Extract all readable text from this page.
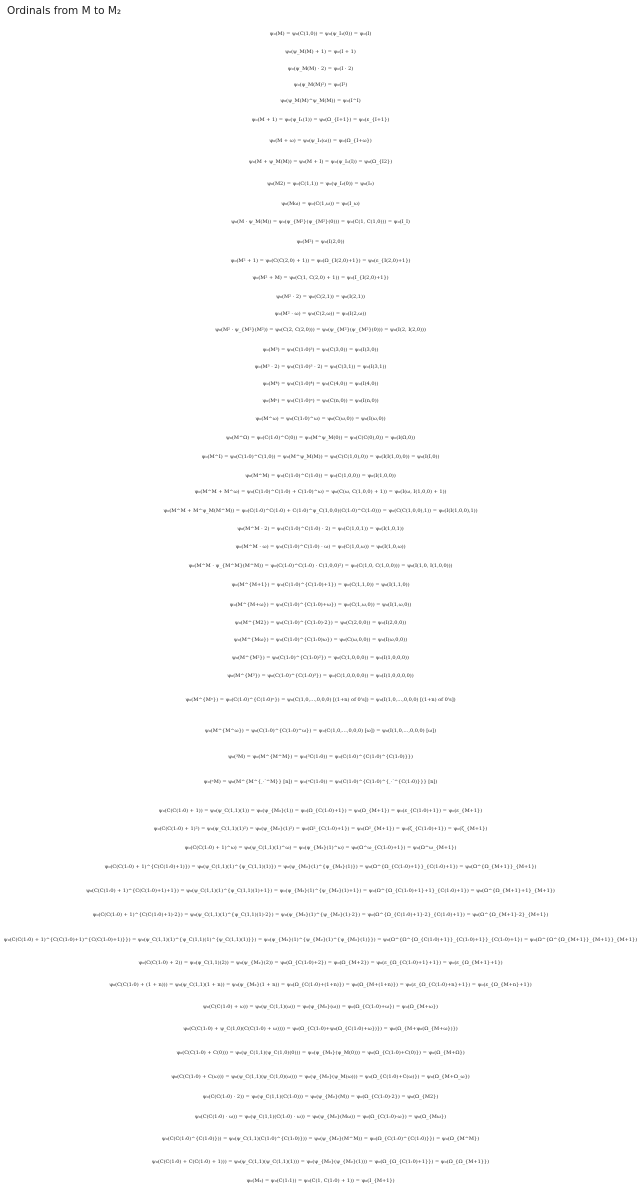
Ordinals from M to M₂
ψ₀(M) = ψ₀(C(1,0)) = ψ₀(ψ_I₁(0)) = ψ₀(I)
ψ₀(ψ_M(M) + 1) = ψ₀(I + 1)
ψ₀(ψ_M(M) · 2) = ψ₀(I · 2)
ψ₀(ψ_M(M)²) = ψ₀(I²)
ψ₀(ψ_M(M)^ψ_M(M)) = ψ₀(I^I)
ψ₀(M + 1) = ψ₀(ψ_I₁(1)) = ψ₀(Ω_{I+1}) = ψ₀(ε_{I+1})
ψ₀(M + ω) = ψ₀(ψ_I₁(ω)) = ψ₀(Ω_{I+ω})
ψ₀(M + ψ_M(M)) = ψ₀(M + I) = ψ₀(ψ_I₁(I)) = ψ₀(Ω_{I2})
ψ₀(M2) = ψ₀(C(1,1)) = ψ₀(ψ_I₂(0)) = ψ₀(I₂)
ψ₀(Mω) = ψ₀(C(1,ω)) = ψ₀(I_ω)
ψ₀(M · ψ_M(M)) = ψ₀(ψ_{M²}(ψ_{M²}(0))) = ψ₀(C(1, C(1,0))) = ψ₀(I_I)
ψ₀(M²) = ψ₀(I(2,0))
ψ₀(M² + 1) = ψ₀(C(C(2,0) + 1)) = ψ₀(Ω_{I(2,0)+1}) = ψ₀(ε_{I(2,0)+1})
ψ₀(M² + M) = ψ₀(C(1, C(2,0) + 1)) = ψ₀(I_{I(2,0)+1})
ψ₀(M² · 2) = ψ₀(C(2,1)) = ψ₀(I(2,1))
ψ₀(M² · ω) = ψ₀(C(2,ω)) = ψ₀(I(2,ω))
ψ₀(M² · ψ_{M²}(M²)) = ψ₀(C(2, C(2,0))) = ψ₀(ψ_{M²}(ψ_{M²}(0))) = ψ₀(I(2, I(2,0)))
ψ₀(M³) = ψ₀(C(1:0)³) = ψ₀(C(3,0)) = ψ₀(I(3,0))
ψ₀(M³ · 2) = ψ₀(C(1:0)³ · 2) = ψ₀(C(3,1)) = ψ₀(I(3,1))
ψ₀(M⁴) = ψ₀(C(1:0)⁴) = ψ₀(C(4,0)) = ψ₀(I(4,0))
ψ₀(Mⁿ) = ψ₀(C(1:0)ⁿ) = ψ₀(C(n,0)) = ψ₀(I(n,0))
ψ₀(M^ω) = ψ₀(C(1:0)^ω) = ψ₀(C(ω,0)) = ψ₀(I(ω,0))
ψ₀(M^Ω) = ψ₀(C(1:0)^C(0)) = ψ₀(M^ψ_M(0)) = ψ₀(C(C(0),0)) = ψ₀(I(Ω,0))
ψ₀(M^I) = ψ₀(C(1:0)^C(1,0)) = ψ₀(M^ψ_M(M)) = ψ₀(C(C(1,0),0)) = ψ₀(I(I(1,0),0)) = ψ₀(I(I,0))
ψ₀(M^M) = ψ₀(C(1:0)^C(1:0)) = ψ₀(C(1,0,0)) = ψ₀(I(1,0,0))
ψ₀(M^M + M^ω) = ψ₀(C(1:0)^C(1:0) + C(1:0)^ω) = ψ₀(C(ω, C(1,0,0) + 1)) = ψ₀(I(ω, I(1,0,0) + 1))
ψ₀(M^M + M^ψ_M(M^M)) = ψ₀(C(1:0)^C(1:0) + C(1:0)^ψ_C(1,0,0)(C(1:0)^C(1:0))) = ψ₀(C(C(1,0,0),1)) = ψ₀(I(I(1,0,0),1))
ψ₀(M^M · 2) = ψ₀(C(1:0)^C(1:0) · 2) = ψ₀(C(1,0,1)) = ψ₀(I(1,0,1))
ψ₀(M^M · ω) = ψ₀(C(1:0)^C(1:0) · ω) = ψ₀(C(1,0,ω)) = ψ₀(I(1,0,ω))
ψ₀(M^M · ψ_{M^M}(M^M)) = ψ₀(C(1:0)^C(1:0) · C(1,0,0)²) = ψ₀(C(1,0, C(1,0,0))) = ψ₀(I(1,0, I(1,0,0)))
ψ₀(M^{M+1}) = ψ₀(C(1:0)^{C(1:0)+1}) = ψ₀(C(1,1,0)) = ψ₀(I(1,1,0))
ψ₀(M^{M+ω}) = ψ₀(C(1:0)^{C(1:0)+ω}) = ψ₀(C(1,ω,0)) = ψ₀(I(1,ω,0))
ψ₀(M^{M2}) = ψ₀(C(1:0)^{C(1:0)·2}) = ψ₀(C(2,0,0)) = ψ₀(I(2,0,0))
ψ₀(M^{Mω}) = ψ₀(C(1:0)^{C(1:0)ω}) = ψ₀(C(ω,0,0)) = ψ₀(I(ω,0,0))
ψ₀(M^{M²}) = ψ₀(C(1:0)^{C(1:0)²}) = ψ₀(C(1,0,0,0)) = ψ₀(I(1,0,0,0))
ψ₀(M^{M³}) = ψ₀(C(1:0)^{C(1:0)³}) = ψ₀(C(1,0,0,0,0)) = ψ₀(I(1,0,0,0,0))
ψ₀(M^{Mⁿ}) = ψ₀(C(1:0)^{C(1:0)ⁿ}) = ψ₀(C(1,0,…,0,0,0) [(1+n) of 0's]) = ψ₀(I(1,0,…,0,0,0) [(1+n) of 0's])
ψ₀(M^{M^ω}) = ψ₀(C(1:0)^{C(1:0)^ω}) = ψ₀(C(1,0,…,0,0,0) [ω]) = ψ₀(I(1,0,…,0,0,0) [ω])
ψ₀(³M) = ψ₀(M^{M^M}) = ψ₀(³C(1:0)) = ψ₀(C(1:0)^{C(1:0)^{C(1:0)}})
ψ₀(ⁿM) = ψ₀(M^{M^{⋰^M}} [n]) = ψ₀(ⁿC(1:0)) = ψ₀(C(1:0)^{C(1:0)^{⋰^{C(1:0)}}} [n])
ψ₀(C(C(1:0) + 1)) = ψ₀(ψ_C(1,1)(1)) = ψ₀(ψ_{M₂}(1)) = ψ₀(Ω_{C(1:0)+1}) = ψ₀(Ω_{M+1}) = ψ₀(ε_{C(1:0)+1}) = ψ₀(ε_{M+1})
ψ₀(C(C(1:0) + 1)²) = ψ₀(ψ_C(1,1)(1)²) = ψ₀(ψ_{M₂}(1)²) = ψ₀(Ω²_{C(1:0)+1}) = ψ₀(Ω²_{M+1}) = ψ₀(ζ_{C(1:0)+1}) = ψ₀(ζ_{M+1})
ψ₀(C(C(1:0) + 1)^ω) = ψ₀(ψ_C(1,1)(1)^ω) = ψ₀(ψ_{M₂}(1)^ω) = ψ₀(Ω^ω_{C(1:0)+1}) = ψ₀(Ω^ω_{M+1})
ψ₀(C(C(1:0) + 1)^{C(C(1:0)+1)}) = ψ₀(ψ_C(1,1)(1)^{ψ_C(1,1)(1)}) = ψ₀(ψ_{M₂}(1)^{ψ_{M₂}(1)}) = ψ₀(Ω^{Ω_{C(1:0)+1}}_{C(1:0)+1}) = ψ₀(Ω^{Ω_{M+1}}_{M+1})
ψ₀(C(C(1:0) + 1)^{C(C(1:0)+1)+1}) = ψ₀(ψ_C(1,1)(1)^{ψ_C(1,1)(1)+1}) = ψ₀(ψ_{M₂}(1)^{ψ_{M₂}(1)+1}) = ψ₀(Ω^{Ω_{C(1:0)+1}+1}_{C(1:0)+1}) = ψ₀(Ω^{Ω_{M+1}+1}_{M+1})
ψ₀(C(C(1:0) + 1)^{C(C(1:0)+1)·2}) = ψ₀(ψ_C(1,1)(1)^{ψ_C(1,1)(1)·2}) = ψ₀(ψ_{M₂}(1)^{ψ_{M₂}(1)·2}) = ψ₀(Ω^{Ω_{C(1:0)+1}·2}_{C(1:0)+1}) = ψ₀(Ω^{Ω_{M+1}·2}_{M+1})
ψ₀(C(C(1:0) + 1)^{C(C(1:0)+1)^{C(C(1:0)+1)}}) = ψ₀(ψ_C(1,1)(1)^{ψ_C(1,1)(1)^{ψ_C(1,1)(1)}}) = ψ₀(ψ_{M₂}(1)^{ψ_{M₂}(1)^{ψ_{M₂}(1)}}) = ψ₀(Ω^{Ω^{Ω_{C(1:0)+1}}_{C(1:0)+1}}_{C(1:0)+1}) = ψ₀(Ω^{Ω^{Ω_{M+1}}_{M+1}}_{M+1})
ψ₀(C(C(1:0) + 2)) = ψ₀(ψ_C(1,1)(2)) = ψ₀(ψ_{M₂}(2)) = ψ₀(Ω_{C(1:0)+2}) = ψ₀(Ω_{M+2}) = ψ₀(ε_{Ω_{C(1:0)+1}+1}) = ψ₀(ε_{Ω_{M+1}+1})
ψ₀(C(C(1:0) + (1 + n))) = ψ₀(ψ_C(1,1)(1 + n)) = ψ₀(ψ_{M₂}(1 + n)) = ψ₀(Ω_{C(1:0)+(1+n)}) = ψ₀(Ω_{M+(1+n)}) = ψ₀(ε_{Ω_{C(1:0)+n}+1}) = ψ₀(ε_{Ω_{M+n}+1})
ψ₀(C(C(1:0) + ω)) = ψ₀(ψ_C(1,1)(ω)) = ψ₀(ψ_{M₂}(ω)) = ψ₀(Ω_{C(1:0)+ω}) = ψ₀(Ω_{M+ω})
ψ₀(C(C(1:0) + ψ_C(1,0)(C(C(1:0) + ω)))) = ψ₀(Ω_{C(1:0)+ψ₀(Ω_{C(1:0)+ω})}) = ψ₀(Ω_{M+ψ₀(Ω_{M+ω})})
ψ₀(C(C(1:0) + C(0))) = ψ₀(ψ_C(1,1)(ψ_C(1,0)(0))) = ψ₀(ψ_{M₂}(ψ_M(0))) = ψ₀(Ω_{C(1:0)+C(0)}) = ψ₀(Ω_{M+Ω})
ψ₀(C(C(1:0) + C(ω))) = ψ₀(ψ_C(1,1)(ψ_C(1,0)(ω))) = ψ₀(ψ_{M₂}(ψ_M(ω))) = ψ₀(Ω_{C(1:0)+C(ω)}) = ψ₀(Ω_{M+Ω_ω})
ψ₀(C(C(1:0) · 2)) = ψ₀(ψ_C(1,1)(C(1:0))) = ψ₀(ψ_{M₂}(M)) = ψ₀(Ω_{C(1:0)·2}) = ψ₀(Ω_{M2})
ψ₀(C(C(1:0) · ω)) = ψ₀(ψ_C(1,1)(C(1:0) · ω)) = ψ₀(ψ_{M₂}(Mω)) = ψ₀(Ω_{C(1:0)·ω}) = ψ₀(Ω_{Mω})
ψ₀(C(C(1:0)^{C(1:0)})) = ψ₀(ψ_C(1,1)(C(1:0)^{C(1:0)})) = ψ₀(ψ_{M₂}(M^M)) = ψ₀(Ω_{C(1:0)^{C(1:0)}}) = ψ₀(Ω_{M^M})
ψ₀(C(C(1:0) + C(C(1:0) + 1))) = ψ₀(ψ_C(1,1)(ψ_C(1,1)(1))) = ψ₀(ψ_{M₂}(ψ_{M₂}(1))) = ψ₀(Ω_{Ω_{C(1:0)+1}}) = ψ₀(Ω_{Ω_{M+1}})
ψ₀(M₂) = ψ₀(C(1:1)) = ψ₀(C(1, C(1:0) + 1)) = ψ₀(I_{M+1})
